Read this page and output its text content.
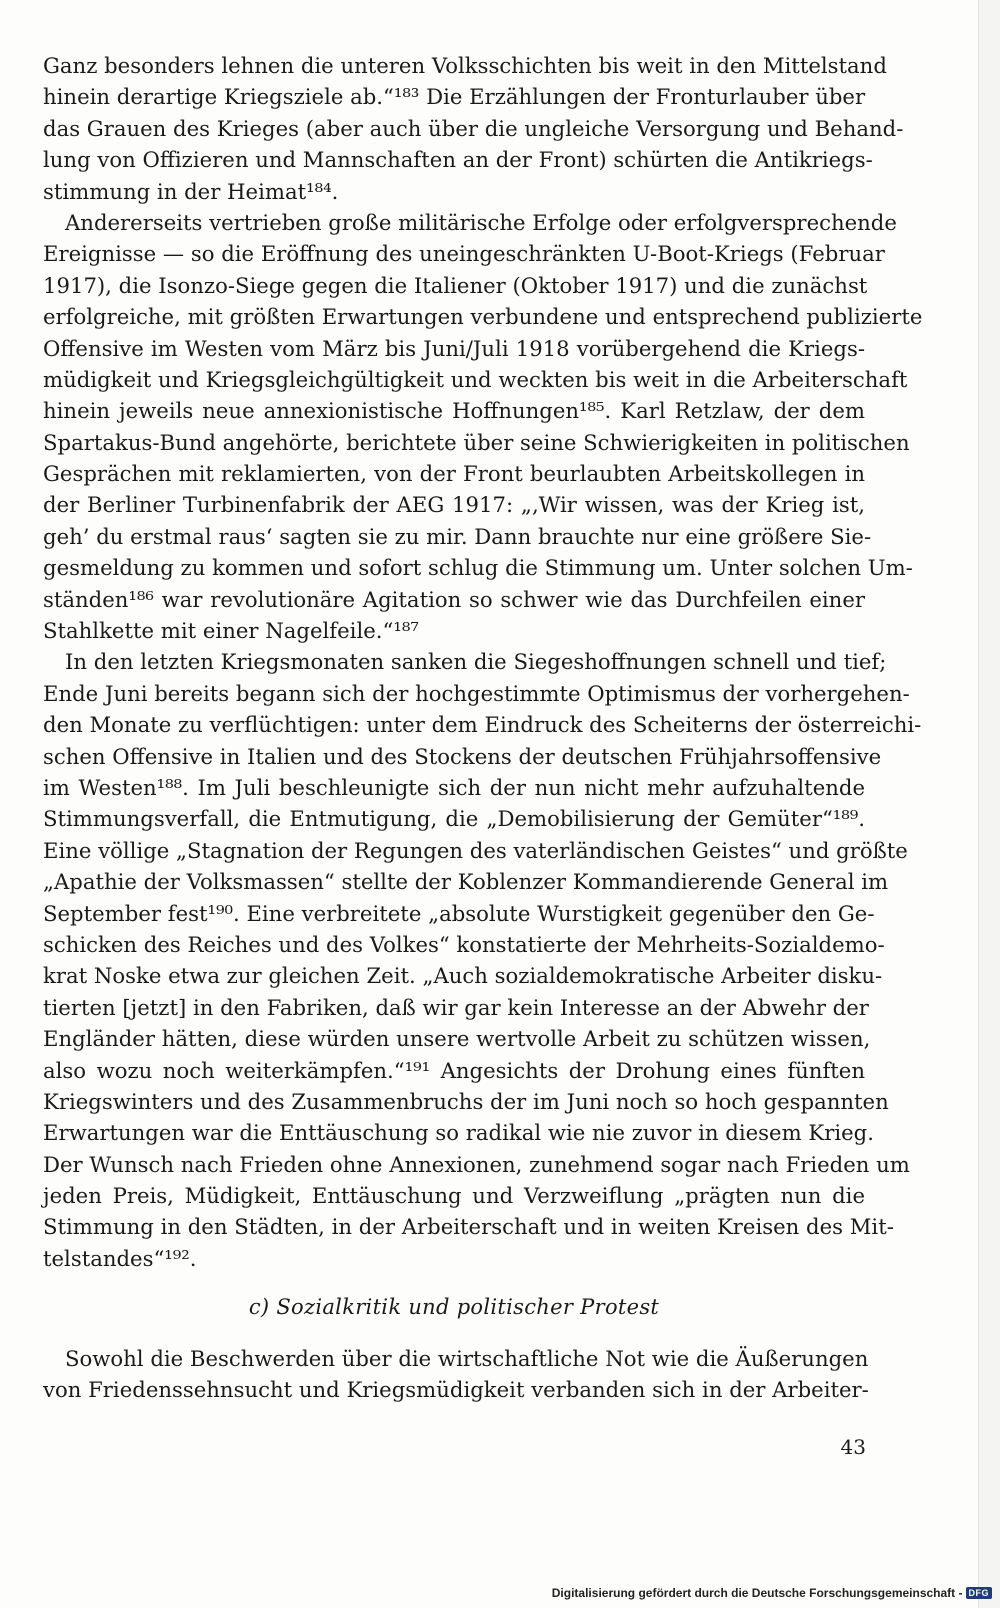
Ganz besonders lehnen die unteren Volksschichten bis weit in den Mittelstand
hinein derartige Kriegsziele ab.“¹⁸³ Die Erzählungen der Fronturlauber über
das Grauen des Krieges (aber auch über die ungleiche Versorgung und Behand-
lung von Offizieren und Mannschaften an der Front) schürten die Antikriegs-
stimmung in der Heimat¹⁸⁴.
Andererseits vertrieben große militärische Erfolge oder erfolgversprechende
Ereignisse — so die Eröffnung des uneingeschränkten U-Boot-Kriegs (Februar
1917), die Isonzo-Siege gegen die Italiener (Oktober 1917) und die zunächst
erfolgreiche, mit größten Erwartungen verbundene und entsprechend publizierte
Offensive im Westen vom März bis Juni/Juli 1918 vorübergehend die Kriegs-
müdigkeit und Kriegsgleichgültigkeit und weckten bis weit in die Arbeiterschaft
hinein jeweils neue annexionistische Hoffnungen¹⁸⁵. Karl Retzlaw, der dem
Spartakus-Bund angehörte, berichtete über seine Schwierigkeiten in politischen
Gesprächen mit reklamierten, von der Front beurlaubten Arbeitskollegen in
der Berliner Turbinenfabrik der AEG 1917: „‚Wir wissen, was der Krieg ist,
geh’ du erstmal raus‘ sagten sie zu mir. Dann brauchte nur eine größere Sie-
gesmeldung zu kommen und sofort schlug die Stimmung um. Unter solchen Um-
ständen¹⁸⁶ war revolutionäre Agitation so schwer wie das Durchfeilen einer
Stahlkette mit einer Nagelfeile.“¹⁸⁷
In den letzten Kriegsmonaten sanken die Siegeshoffnungen schnell und tief;
Ende Juni bereits begann sich der hochgestimmte Optimismus der vorhergehen-
den Monate zu verflüchtigen: unter dem Eindruck des Scheiterns der österreichi-
schen Offensive in Italien und des Stockens der deutschen Frühjahrsoffensive
im Westen¹⁸⁸. Im Juli beschleunigte sich der nun nicht mehr aufzuhaltende
Stimmungsverfall, die Entmutigung, die „Demobilisierung der Gemüter“¹⁸⁹.
Eine völlige „Stagnation der Regungen des vaterländischen Geistes“ und größte
„Apathie der Volksmassen“ stellte der Koblenzer Kommandierende General im
September fest¹⁹⁰. Eine verbreitete „absolute Wurstigkeit gegenüber den Ge-
schicken des Reiches und des Volkes“ konstatierte der Mehrheits-Sozialdemo-
krat Noske etwa zur gleichen Zeit. „Auch sozialdemokratische Arbeiter disku-
tierten [jetzt] in den Fabriken, daß wir gar kein Interesse an der Abwehr der
Engländer hätten, diese würden unsere wertvolle Arbeit zu schützen wissen,
also wozu noch weiterkämpfen.“¹⁹¹ Angesichts der Drohung eines fünften
Kriegswinters und des Zusammenbruchs der im Juni noch so hoch gespannten
Erwartungen war die Enttäuschung so radikal wie nie zuvor in diesem Krieg.
Der Wunsch nach Frieden ohne Annexionen, zunehmend sogar nach Frieden um
jeden Preis, Müdigkeit, Enttäuschung und Verzweiflung „prägten nun die
Stimmung in den Städten, in der Arbeiterschaft und in weiten Kreisen des Mit-
telstandes“¹⁹².
c) Sozialkritik und politischer Protest
Sowohl die Beschwerden über die wirtschaftliche Not wie die Äußerungen
von Friedenssehnsucht und Kriegsmüdigkeit verbanden sich in der Arbeiter-
43
Digitalisierung gefördert durch die Deutsche Forschungsgemeinschaft - DFG
